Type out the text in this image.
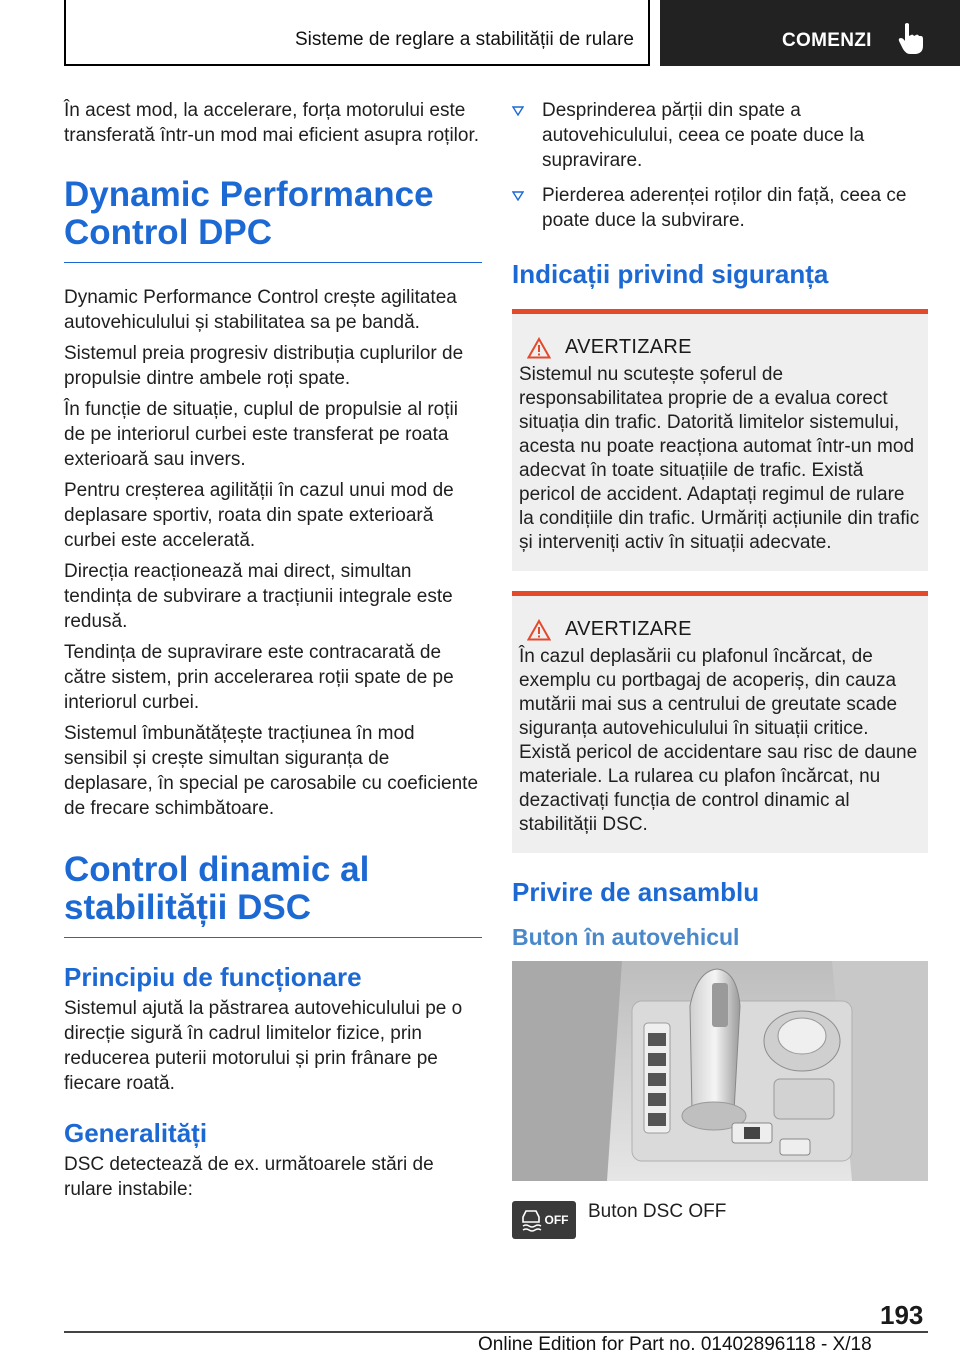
Sisteme de reglare a stabilității de rulare	COMENZI

În acest mod, la accelerare, forța motorului este transferată într-un mod mai eficient asupra roților.

Dynamic Performance Control DPC

Dynamic Performance Control crește agilitatea autovehiculului și stabilitatea sa pe bandă.

Sistemul preia progresiv distribuția cuplurilor de propulsie dintre ambele roți spate.

În funcție de situație, cuplul de propulsie al roții de pe interiorul curbei este transferat pe roata exterioară sau invers.

Pentru creșterea agilității în cazul unui mod de deplasare sportiv, roata din spate exterioară curbei este accelerată.

Direcția reacționează mai direct, simultan tendința de subvirare a tracțiunii integrale este redusă.

Tendința de supravirare este contracarată de către sistem, prin accelerarea roții spate de pe interiorul curbei.

Sistemul îmbunătățește tracțiunea în mod sensibil și crește simultan siguranța de deplasare, în special pe carosabile cu coeficiente de frecare schimbătoare.

Control dinamic al stabilității DSC
Principiu de funcționare

Sistemul ajută la păstrarea autovehiculului pe o direcție sigură în cadrul limitelor fizice, prin reducerea puterii motorului și prin frânare pe fiecare roată.

Generalități

DSC detectează de ex. următoarele stări de rulare instabile:

Desprinderea părții din spate a autovehiculului, ceea ce poate duce la supravirare.
Pierderea aderenței roților din față, ceea ce poate duce la subvirare.
Indicații privind siguranța
AVERTIZARE

Sistemul nu scutește șoferul de responsabilitatea proprie de a evalua corect situația din trafic. Datorită limitelor sistemului, acesta nu poate reacționa automat într-un mod adecvat în toate situațiile de trafic. Există pericol de accident. Adaptați regimul de rulare la condițiile din trafic. Urmăriți acțiunile din trafic și interveniți activ în situații adecvate.

AVERTIZARE

În cazul deplasării cu plafonul încărcat, de exemplu cu portbagaj de acoperiș, din cauza mutării mai sus a centrului de greutate scade siguranța autovehiculului în situații critice. Există pericol de accidentare sau risc de daune materiale. La rularea cu plafon încărcat, nu dezactivați funcția de control dinamic al stabilității DSC.

Privire de ansamblu
Buton în autovehicul
OFF Buton DSC OFF
193
Online Edition for Part no. 01402896118 - X/18
